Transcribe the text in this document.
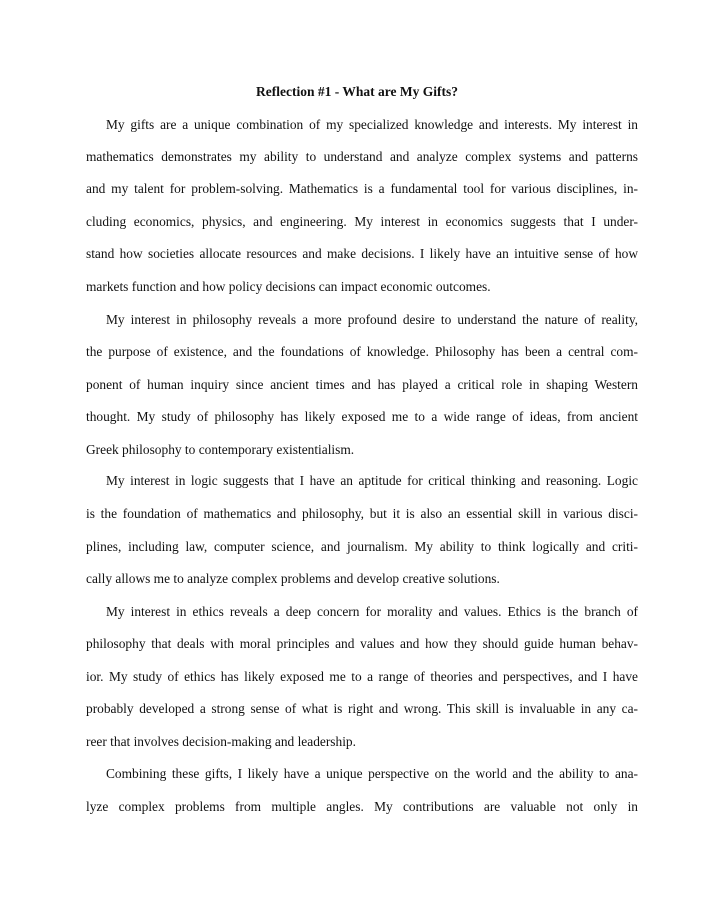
Reflection #1 - What are My Gifts?
My gifts are a unique combination of my specialized knowledge and interests. My interest in
mathematics demonstrates my ability to understand and analyze complex systems and patterns
and my talent for problem-solving. Mathematics is a fundamental tool for various disciplines, in-
cluding economics, physics, and engineering. My interest in economics suggests that I under-
stand how societies allocate resources and make decisions. I likely have an intuitive sense of how
markets function and how policy decisions can impact economic outcomes.
My interest in philosophy reveals a more profound desire to understand the nature of reality,
the purpose of existence, and the foundations of knowledge. Philosophy has been a central com-
ponent of human inquiry since ancient times and has played a critical role in shaping Western
thought. My study of philosophy has likely exposed me to a wide range of ideas, from ancient
Greek philosophy to contemporary existentialism.
My interest in logic suggests that I have an aptitude for critical thinking and reasoning. Logic
is the foundation of mathematics and philosophy, but it is also an essential skill in various disci-
plines, including law, computer science, and journalism. My ability to think logically and criti-
cally allows me to analyze complex problems and develop creative solutions.
My interest in ethics reveals a deep concern for morality and values. Ethics is the branch of
philosophy that deals with moral principles and values and how they should guide human behav-
ior. My study of ethics has likely exposed me to a range of theories and perspectives, and I have
probably developed a strong sense of what is right and wrong. This skill is invaluable in any ca-
reer that involves decision-making and leadership.
Combining these gifts, I likely have a unique perspective on the world and the ability to ana-
lyze complex problems from multiple angles. My contributions are valuable not only in
